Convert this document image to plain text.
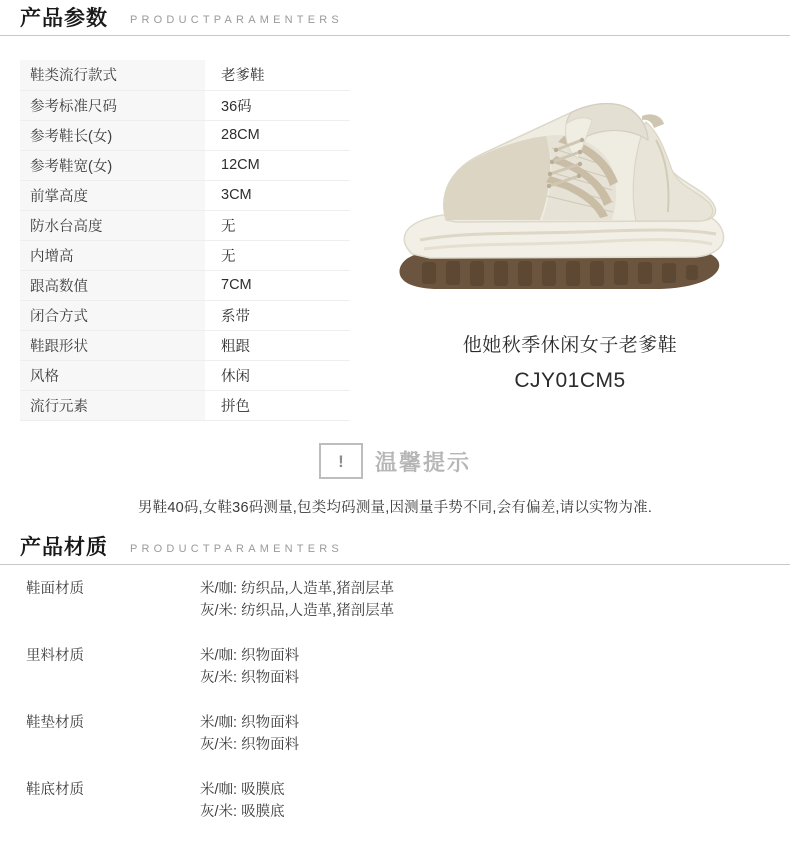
产品参数 PRODUCTPARAMENTERS
鞋类流行款式	老爹鞋
参考标准尺码	36码
参考鞋长(女)	28CM
参考鞋宽(女)	12CM
前掌高度	3CM
防水台高度	无
内增高	无
跟高数值	7CM
闭合方式	系带
鞋跟形状	粗跟
风格	休闲
流行元素	拼色
他她秋季休闲女子老爹鞋
CJY01CM5
!	温馨提示
男鞋40码,女鞋36码测量,包类均码测量,因测量手势不同,会有偏差,请以实物为准.
产品材质 PRODUCTPARAMENTERS
鞋面材质	米/咖: 纺织品,人造革,猪剖层革
灰/米: 纺织品,人造革,猪剖层革
里料材质	米/咖: 织物面料
灰/米: 织物面料
鞋垫材质	米/咖: 织物面料
灰/米: 织物面料
鞋底材质	米/咖: 吸膜底
灰/米: 吸膜底
